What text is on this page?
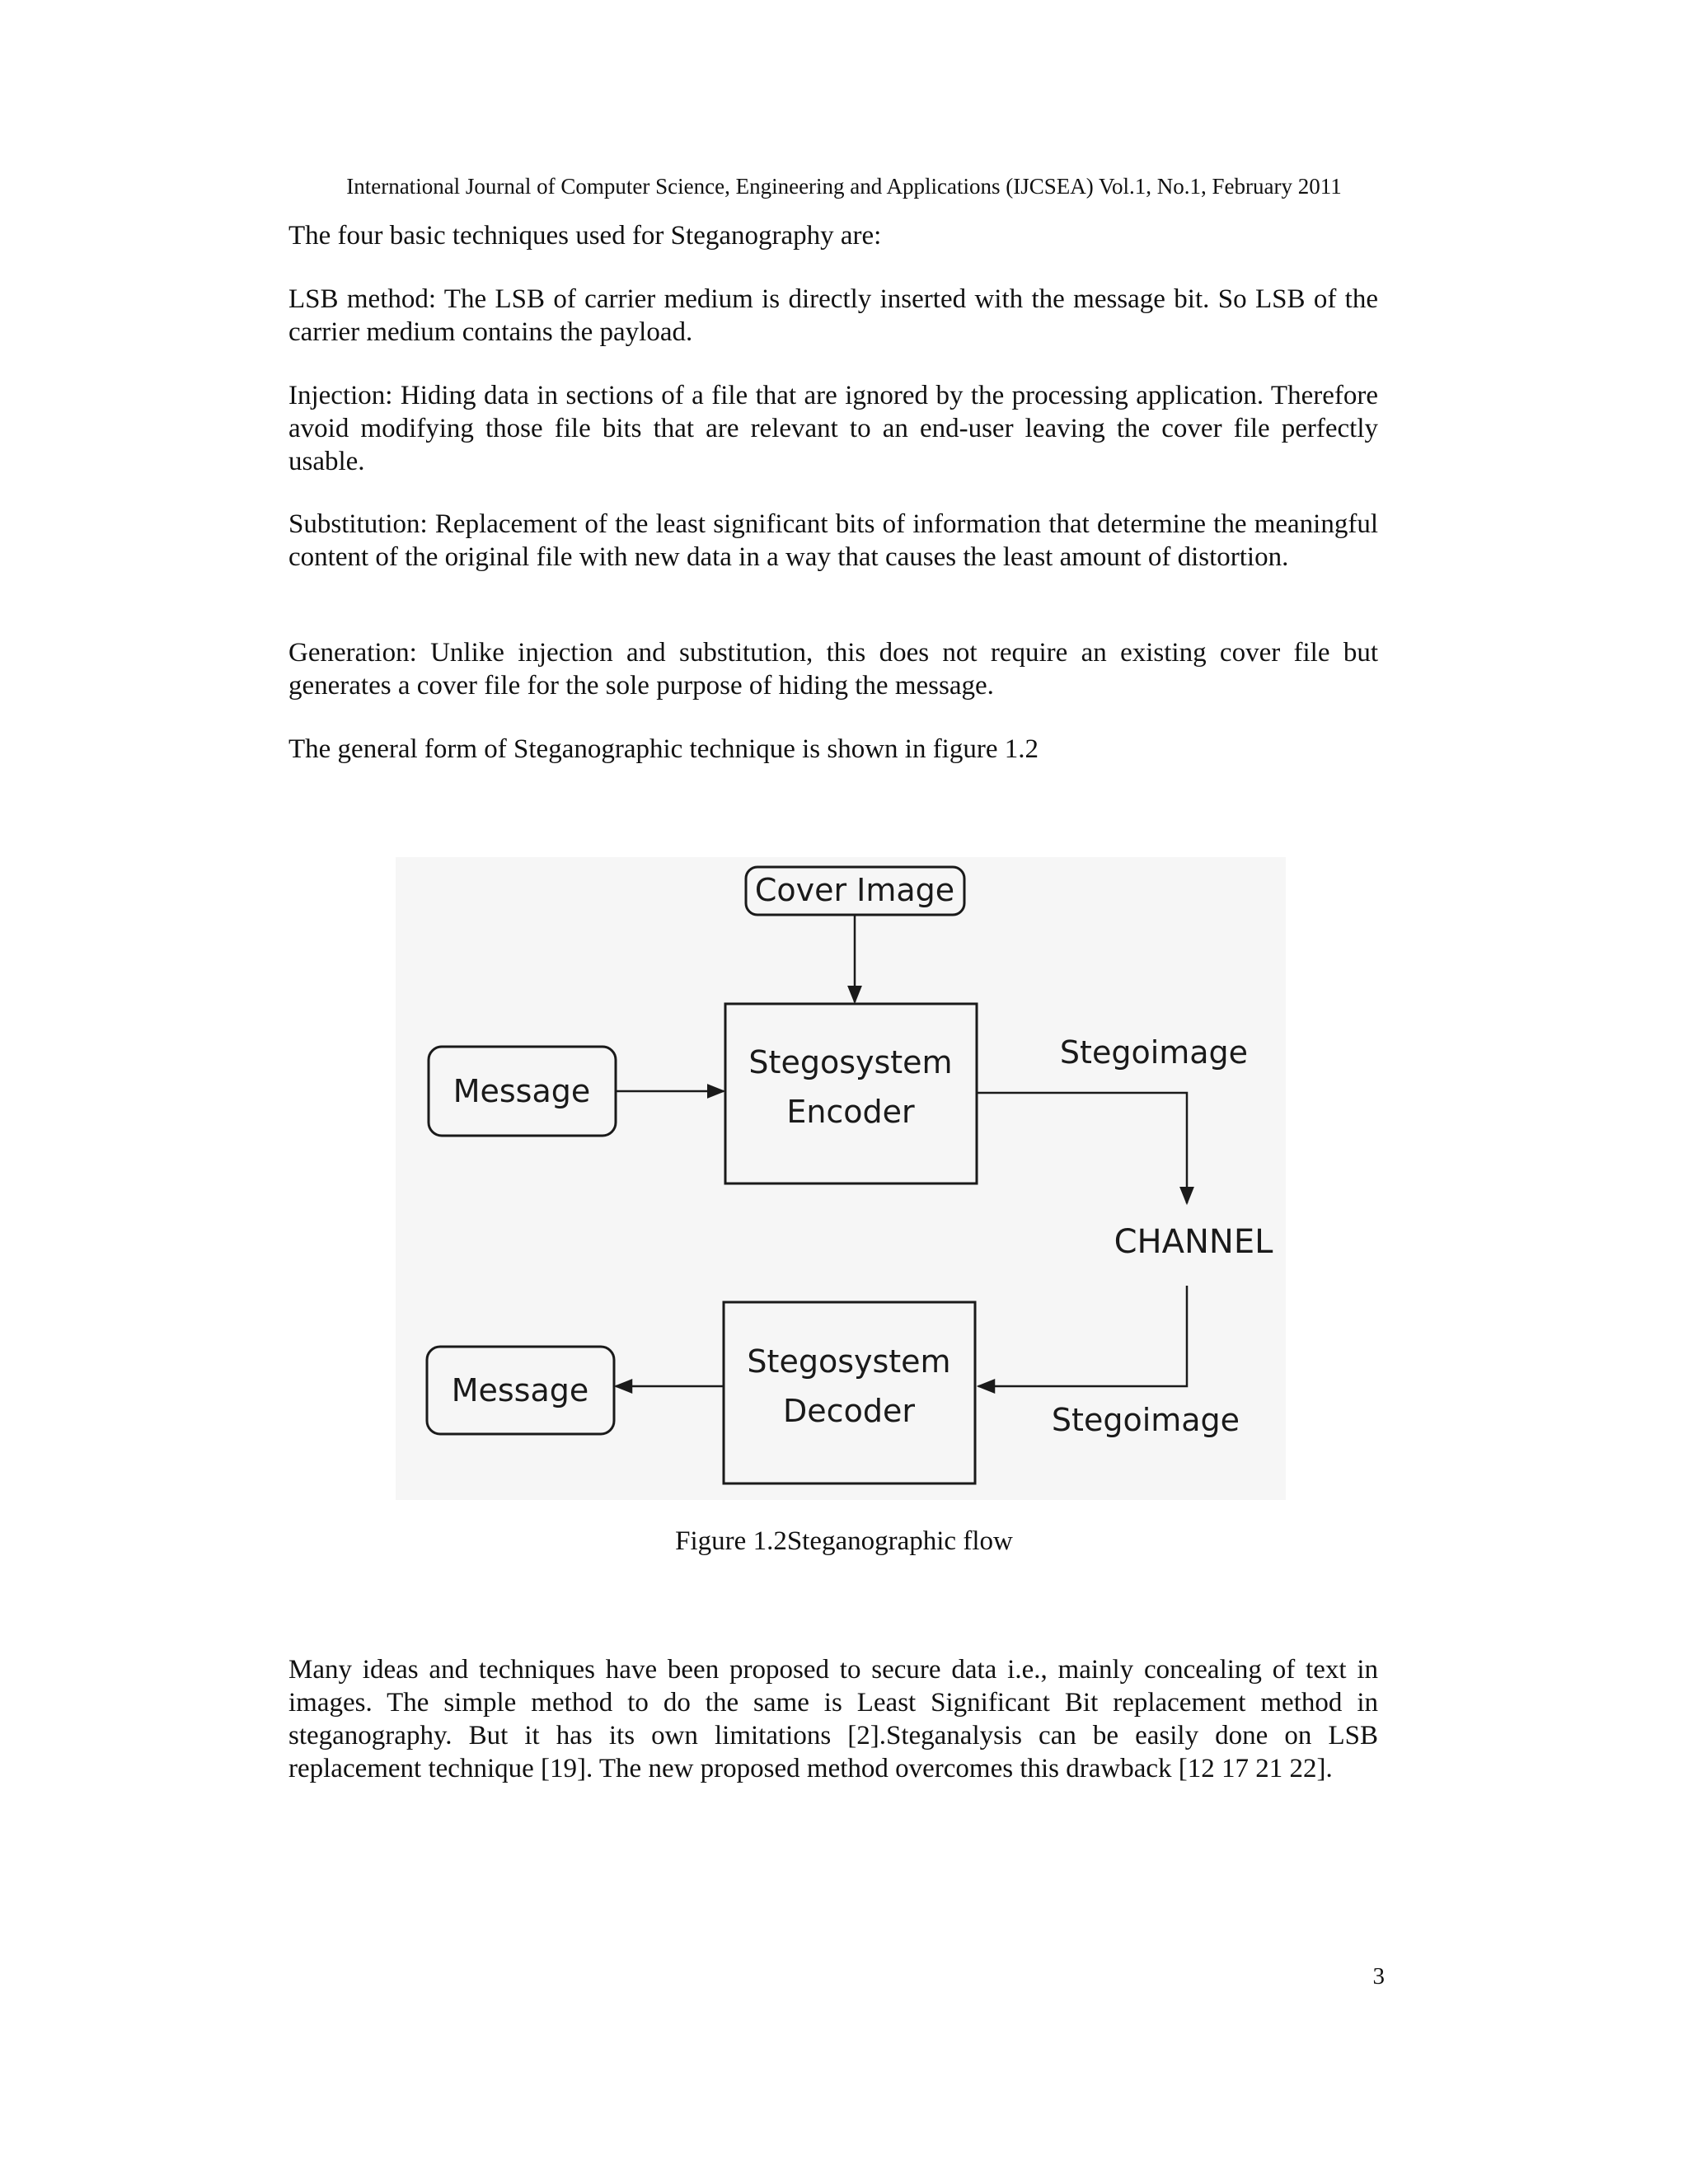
International Journal of Computer Science, Engineering and Applications (IJCSEA) Vol.1, No.1, February 2011

The four basic techniques used for Steganography are:

LSB method: The LSB of carrier medium is directly inserted with the message bit. So LSB of the carrier medium contains the payload.

Injection: Hiding data in sections of a file that are ignored by the processing application. Therefore avoid modifying those file bits that are relevant to an end-user leaving the cover file perfectly usable.

Substitution: Replacement of the least significant bits of information that determine the meaningful content of the original file with new data in a way that causes the least amount of distortion.

Generation: Unlike injection and substitution, this does not require an existing cover file but generates a cover file for the sole purpose of hiding the message.

The general form of Steganographic technique is shown in figure 1.2

Cover Image
Stegosystem
Encoder
Message
Stegoimage
CHANNEL
Stegosystem
Decoder	Stegoimage
Message
Figure 1.2Steganographic flow

Many ideas and techniques have been proposed to secure data i.e., mainly concealing of text in images. The simple method to do the same is Least Significant Bit replacement method in steganography. But it has its own limitations [2].Steganalysis can be easily done on LSB replacement technique [19]. The new proposed method overcomes this drawback [12 17 21 22].

3
